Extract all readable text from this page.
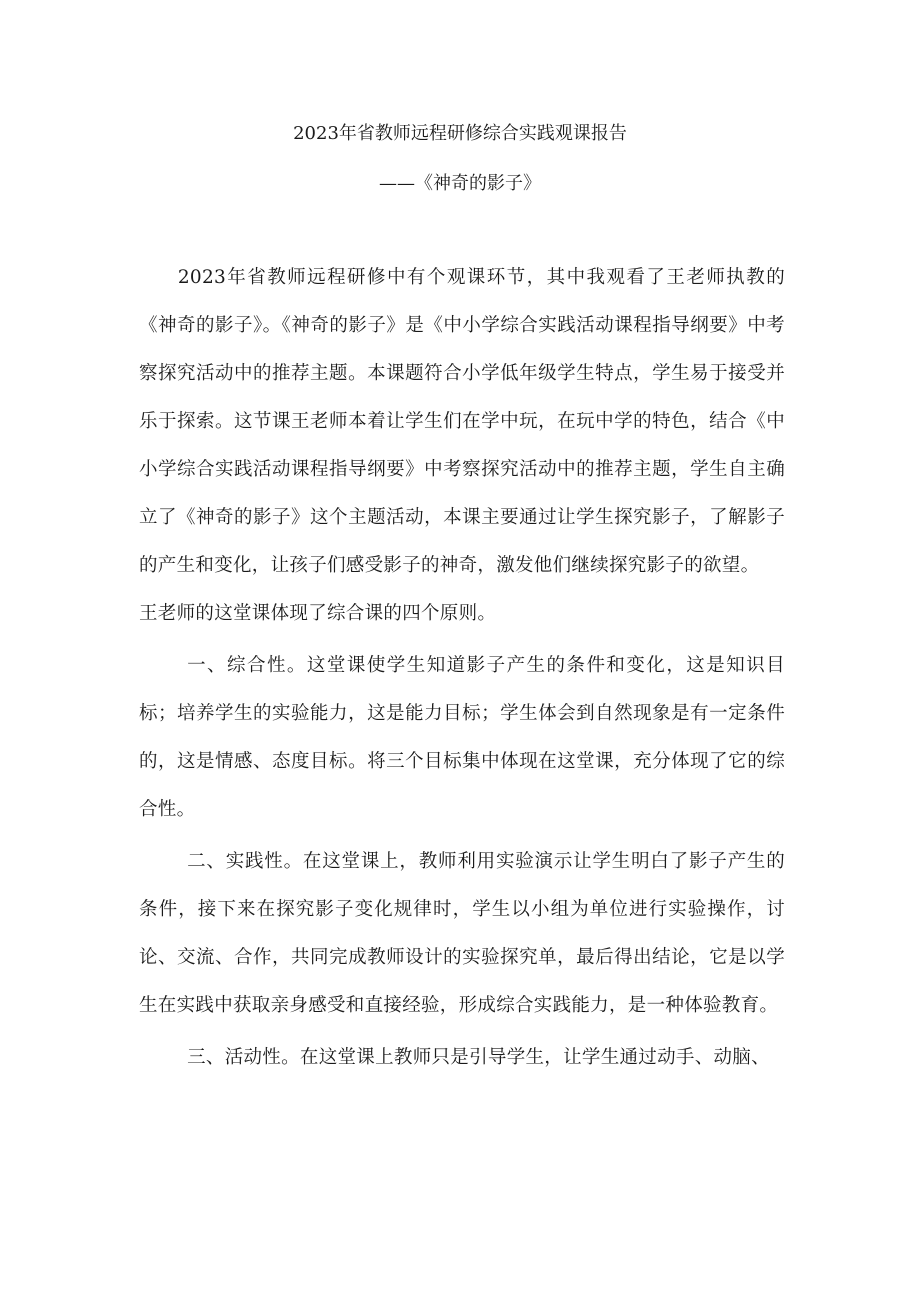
2023年省教师远程研修综合实践观课报告
——《神奇的影子》

2023年省教师远程研修中有个观课环节，其中我观看了王老师执教的《神奇的影子》。《神奇的影子》是《中小学综合实践活动课程指导纲要》中考察探究活动中的推荐主题。本课题符合小学低年级学生特点，学生易于接受并乐于探索。这节课王老师本着让学生们在学中玩，在玩中学的特色，结合《中小学综合实践活动课程指导纲要》中考察探究活动中的推荐主题，学生自主确立了《神奇的影子》这个主题活动，本课主要通过让学生探究影子，了解影子的产生和变化，让孩子们感受影子的神奇，激发他们继续探究影子的欲望。

王老师的这堂课体现了综合课的四个原则。

一、综合性。这堂课使学生知道影子产生的条件和变化，这是知识目标；培养学生的实验能力，这是能力目标；学生体会到自然现象是有一定条件的，这是情感、态度目标。将三个目标集中体现在这堂课，充分体现了它的综合性。

二、实践性。在这堂课上，教师利用实验演示让学生明白了影子产生的条件，接下来在探究影子变化规律时，学生以小组为单位进行实验操作，讨论、交流、合作，共同完成教师设计的实验探究单，最后得出结论，它是以学生在实践中获取亲身感受和直接经验，形成综合实践能力，是一种体验教育。

三、活动性。在这堂课上教师只是引导学生，让学生通过动手、动脑、
